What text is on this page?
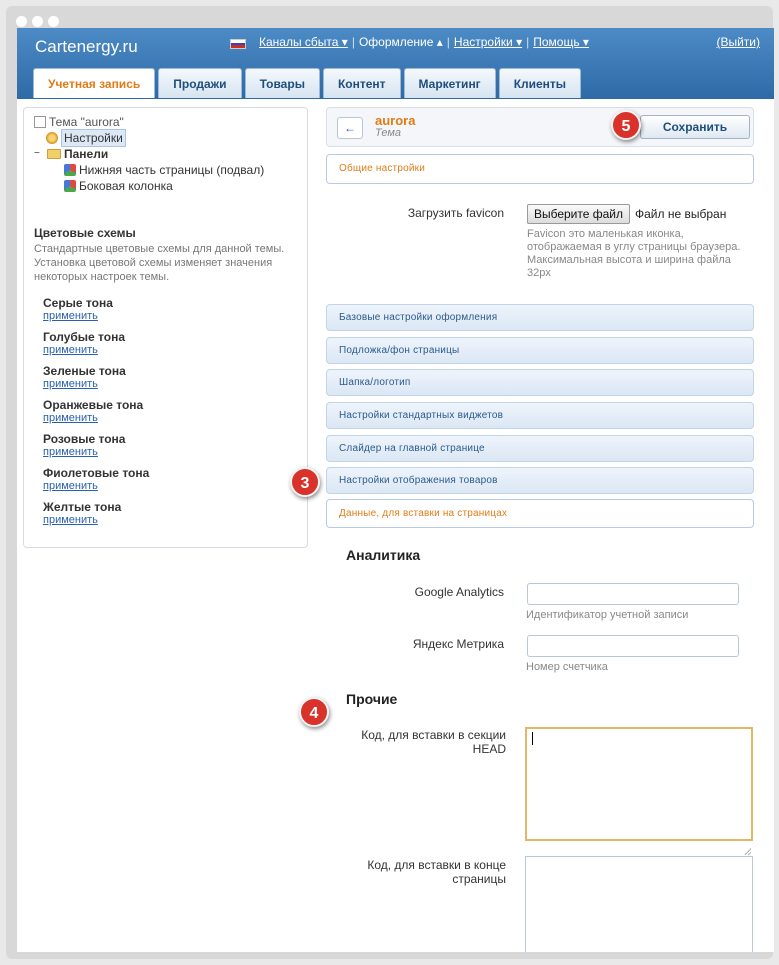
Cartenergy.ru	Каналы сбыта ▾ | Оформление ▴ | Настройки ▾ | Помощь ▾	(Выйти)
Учетная запись	Продажи	Товары	Контент	Маркетинг	Клиенты
Тема "aurora"
Настройки
−	Панели
Нижняя часть страницы (подвал)
Боковая колонка
Цветовые схемы
Стандартные цветовые схемы для данной темы. Установка цветовой схемы изменяет значения некоторых настроек темы.
Серые тона
применить
Голубые тона
применить
Зеленые тона
применить
Оранжевые тона
применить
Розовые тона
применить
Фиолетовые тона
применить
Желтые тона
применить
←	aurora
Тема	Сохранить
5
Общие настройки
Загрузить favicon	Выберите файл Файл не выбран
Favicon это маленькая иконка, отображаемая в углу страницы браузера. Максимальная высота и ширина файла 32px
Базовые настройки оформления
Подложка/фон страницы
Шапка/логотип
Настройки стандартных виджетов
Слайдер на главной странице
Настройки отображения товаров
Данные, для вставки на страницах
3
Аналитика
Google Analytics
Идентификатор учетной записи
Яндекс Метрика
Номер счетчика
Прочие
4
Код, для вставки в секции HEAD
Код, для вставки в конце страницы
